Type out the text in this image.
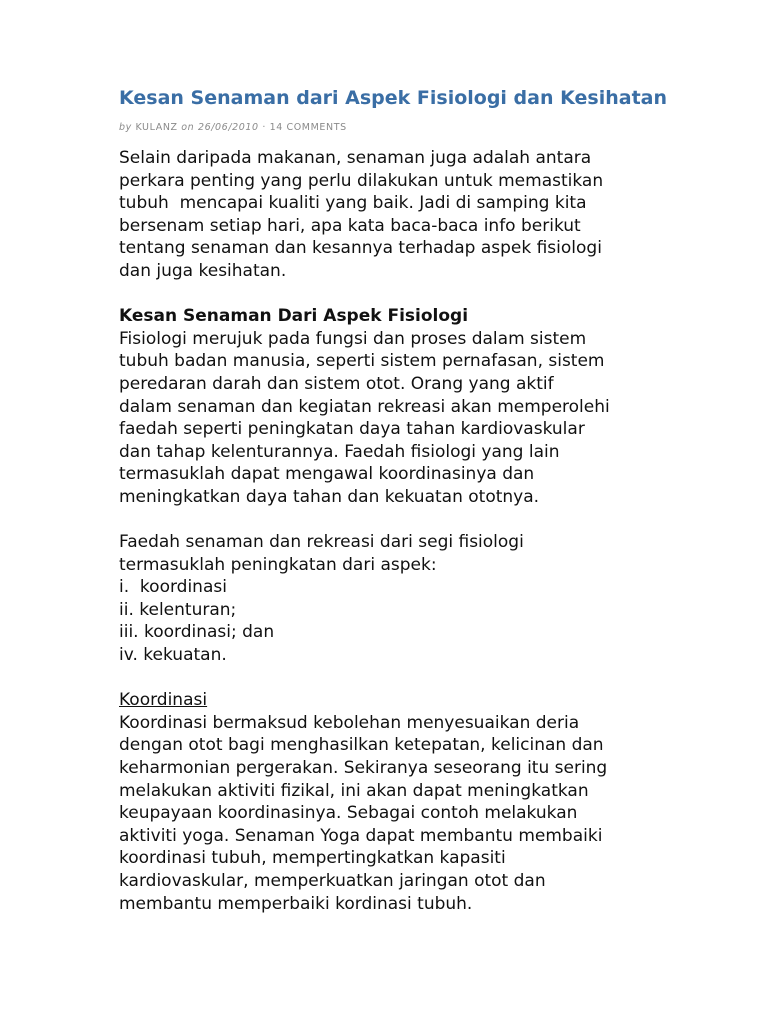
Kesan Senaman dari Aspek Fisiologi dan Kesihatan
by KULANZ on 26/06/2010 · 14 COMMENTS
Selain daripada makanan, senaman juga adalah antara
perkara penting yang perlu dilakukan untuk memastikan
tubuh  mencapai kualiti yang baik. Jadi di samping kita
bersenam setiap hari, apa kata baca-baca info berikut
tentang senaman dan kesannya terhadap aspek fisiologi
dan juga kesihatan.
Kesan Senaman Dari Aspek Fisiologi
Fisiologi merujuk pada fungsi dan proses dalam sistem
tubuh badan manusia, seperti sistem pernafasan, sistem
peredaran darah dan sistem otot. Orang yang aktif
dalam senaman dan kegiatan rekreasi akan memperolehi
faedah seperti peningkatan daya tahan kardiovaskular
dan tahap kelenturannya. Faedah fisiologi yang lain
termasuklah dapat mengawal koordinasinya dan
meningkatkan daya tahan dan kekuatan ototnya.
Faedah senaman dan rekreasi dari segi fisiologi
termasuklah peningkatan dari aspek:
i.  koordinasi
ii. kelenturan;
iii. koordinasi; dan
iv. kekuatan.
Koordinasi
Koordinasi bermaksud kebolehan menyesuaikan deria
dengan otot bagi menghasilkan ketepatan, kelicinan dan
keharmonian pergerakan. Sekiranya seseorang itu sering
melakukan aktiviti fizikal, ini akan dapat meningkatkan
keupayaan koordinasinya. Sebagai contoh melakukan
aktiviti yoga. Senaman Yoga dapat membantu membaiki
koordinasi tubuh, mempertingkatkan kapasiti
kardiovaskular, memperkuatkan jaringan otot dan
membantu memperbaiki kordinasi tubuh.
